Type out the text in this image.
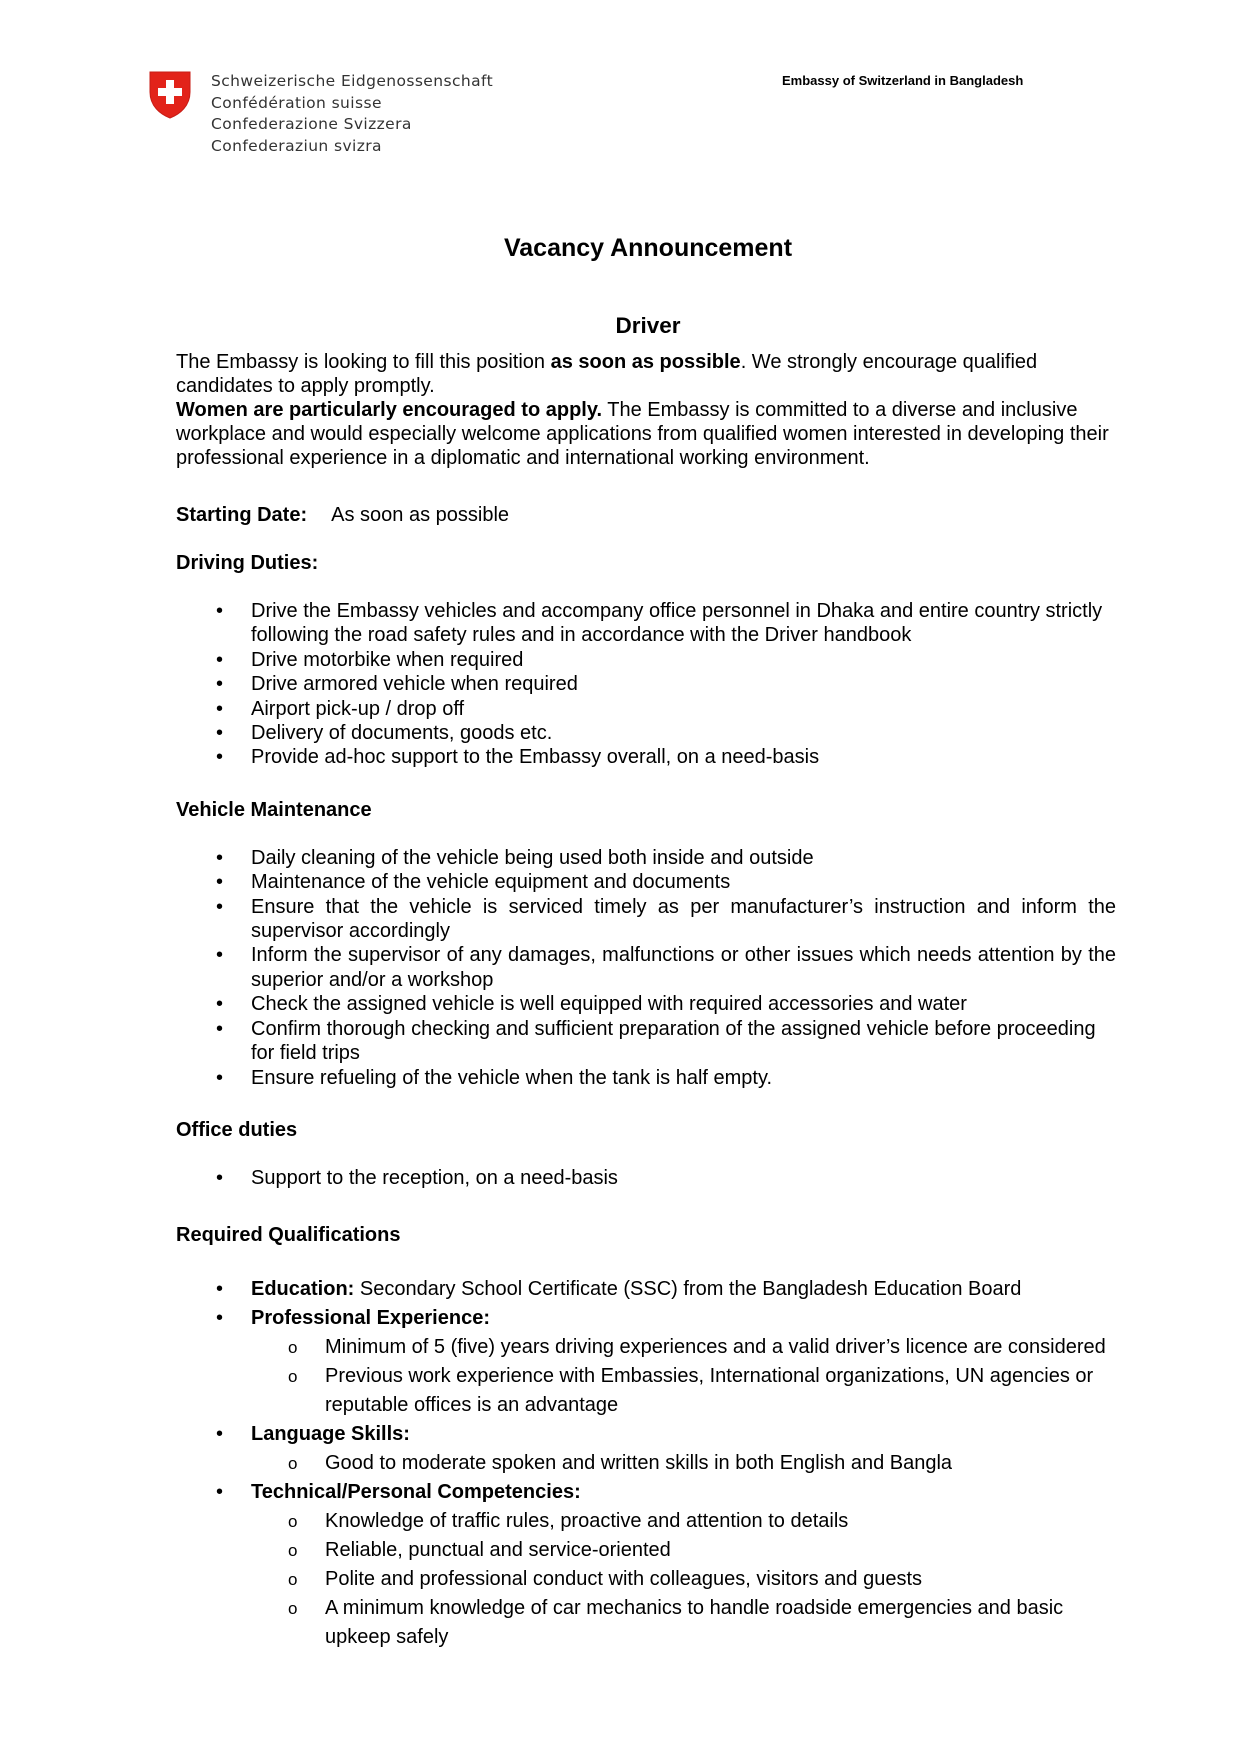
Schweizerische Eidgenossenschaft
Confédération suisse
Confederazione Svizzera
Confederaziun svizra
Embassy of Switzerland in Bangladesh
Vacancy Announcement
Driver

The Embassy is looking to fill this position as soon as possible. We strongly encourage qualified candidates to apply promptly.

Women are particularly encouraged to apply. The Embassy is committed to a diverse and inclusive workplace and would especially welcome applications from qualified women interested in developing their professional experience in a diplomatic and international working environment.

Starting Date: As soon as possible

Driving Duties:
• Drive the Embassy vehicles and accompany office personnel in Dhaka and entire country strictly following the road safety rules and in accordance with the Driver handbook
• Drive motorbike when required
• Drive armored vehicle when required
• Airport pick-up / drop off
• Delivery of documents, goods etc.
• Provide ad-hoc support to the Embassy overall, on a need-basis
Vehicle Maintenance
• Daily cleaning of the vehicle being used both inside and outside
• Maintenance of the vehicle equipment and documents
• Ensure that the vehicle is serviced timely as per manufacturer’s instruction and inform the supervisor accordingly
• Inform the supervisor of any damages, malfunctions or other issues which needs attention by the superior and/or a workshop
• Check the assigned vehicle is well equipped with required accessories and water
• Confirm thorough checking and sufficient preparation of the assigned vehicle before proceeding for field trips
• Ensure refueling of the vehicle when the tank is half empty.
Office duties
• Support to the reception, on a need-basis
Required Qualifications
• Education: Secondary School Certificate (SSC) from the Bangladesh Education Board
• Professional Experience:
o Minimum of 5 (five) years driving experiences and a valid driver’s licence are considered
o Previous work experience with Embassies, International organizations, UN agencies or reputable offices is an advantage
• Language Skills:
o Good to moderate spoken and written skills in both English and Bangla
• Technical/Personal Competencies:
o Knowledge of traffic rules, proactive and attention to details
o Reliable, punctual and service-oriented
o Polite and professional conduct with colleagues, visitors and guests
o A minimum knowledge of car mechanics to handle roadside emergencies and basic upkeep safely
